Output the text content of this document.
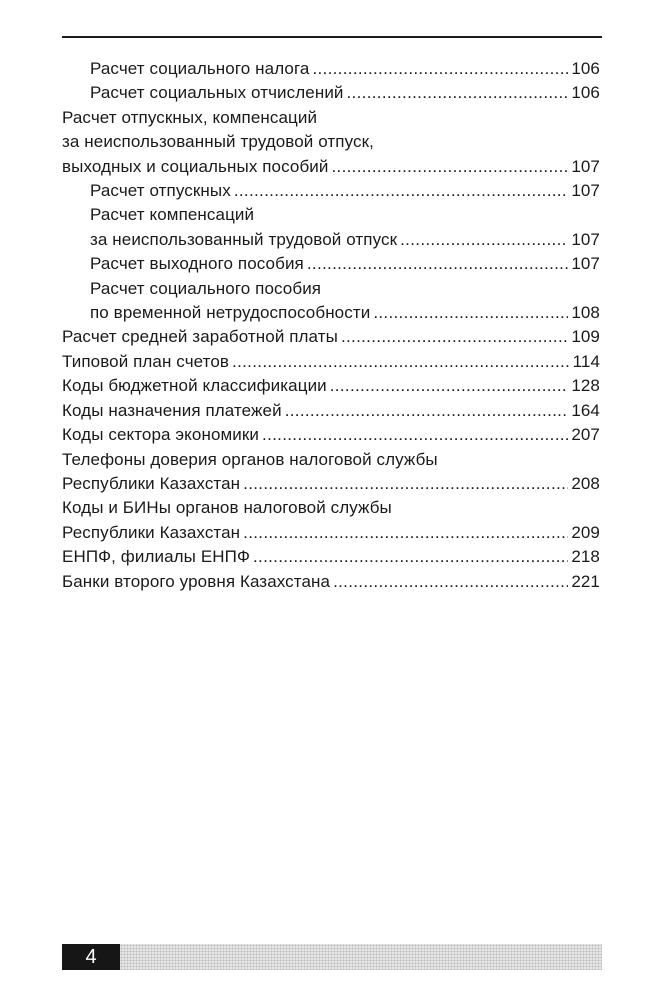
Расчет социального налога . . .	106
Расчет социальных отчислений . . .	106
Расчет отпускных, компенсаций
за неиспользованный трудовой отпуск,
выходных и социальных пособий . . .	107
Расчет отпускных . . .	107
Расчет компенсаций
за неиспользованный трудовой отпуск . . .	107
Расчет выходного пособия . . .	107
Расчет социального пособия
по временной нетрудоспособности . . .	108
Расчет средней заработной платы . . .	109
Типовой план счетов . . .	114
Коды бюджетной классификации . . .	128
Коды назначения платежей . . .	164
Коды сектора экономики . . .	207
Телефоны доверия органов налоговой службы
Республики Казахстан . . .	208
Коды и БИНы органов налоговой службы
Республики Казахстан . . .	209
ЕНПФ, филиалы ЕНПФ . . .	218
Банки второго уровня Казахстана . . .	221
4
